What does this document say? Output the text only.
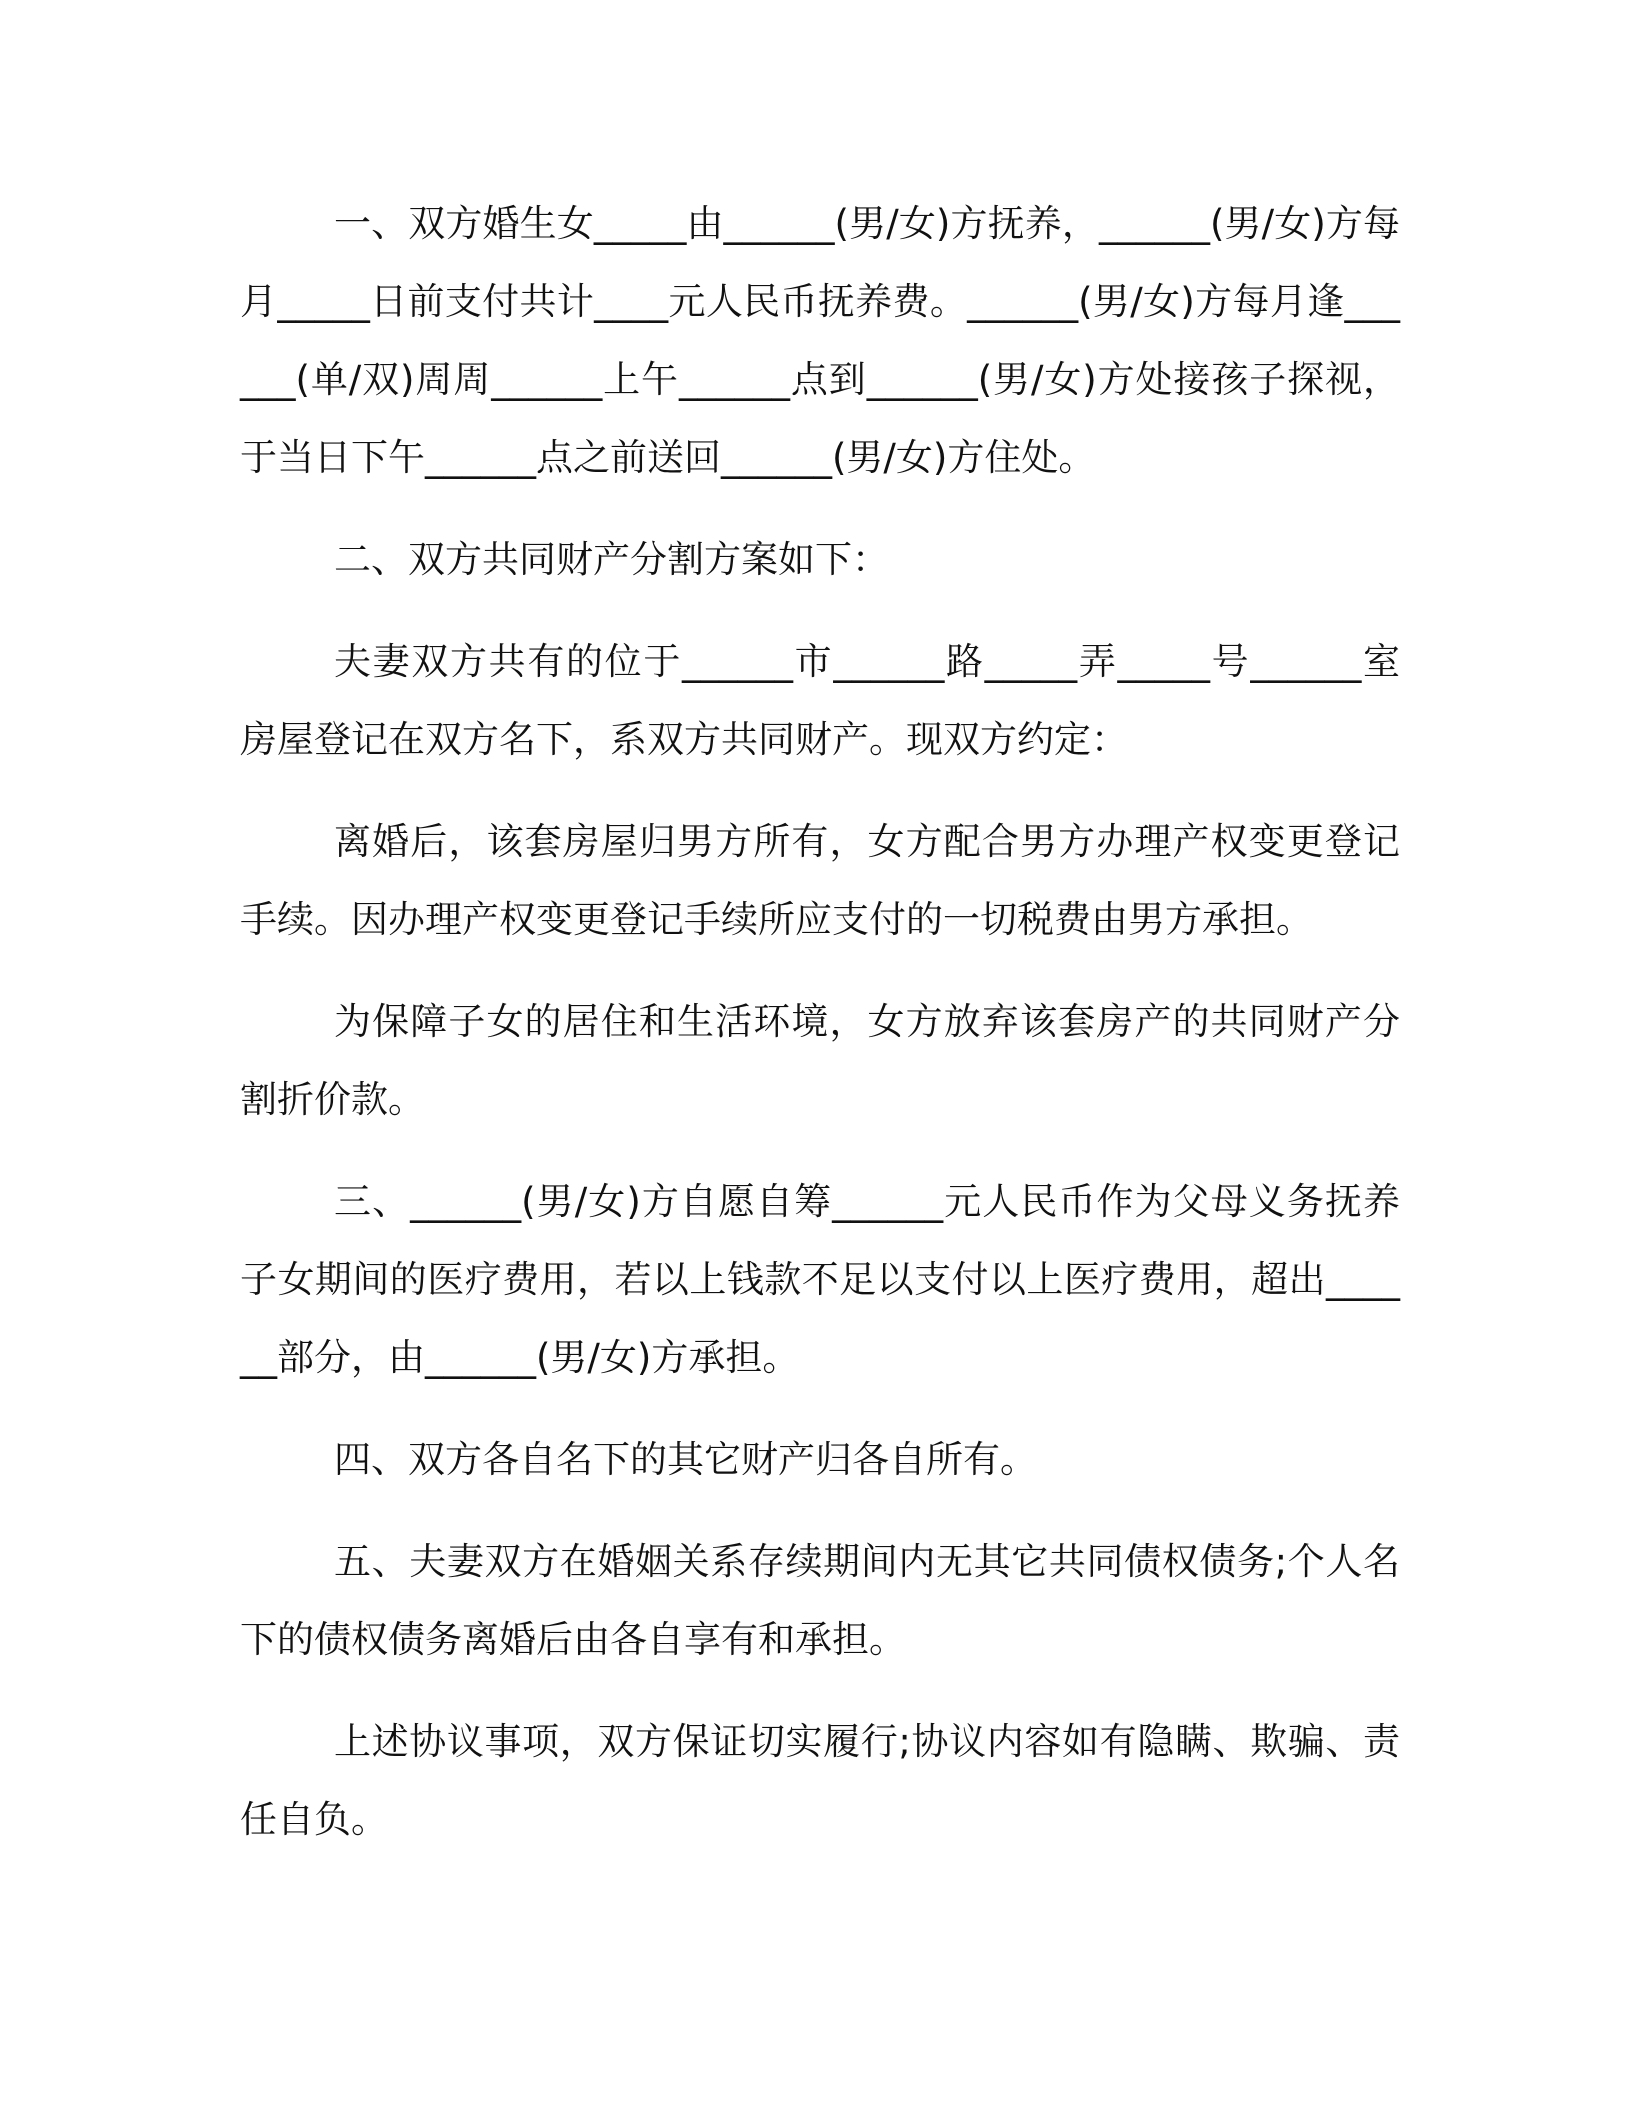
一、双方婚生女_____由______(男/女)方抚养，______(男/女)方每月_____日前支付共计____元人民币抚养费。______(男/女)方每月逢______(单/双)周周______上午______点到______(男/女)方处接孩子探视，于当日下午______点之前送回______(男/女)方住处。

二、双方共同财产分割方案如下：

夫妻双方共有的位于______市______路_____弄_____号______室房屋登记在双方名下，系双方共同财产。现双方约定：

离婚后，该套房屋归男方所有，女方配合男方办理产权变更登记手续。因办理产权变更登记手续所应支付的一切税费由男方承担。

为保障子女的居住和生活环境，女方放弃该套房产的共同财产分割折价款。

三、______(男/女)方自愿自筹______元人民币作为父母义务抚养子女期间的医疗费用，若以上钱款不足以支付以上医疗费用，超出______部分，由______(男/女)方承担。

四、双方各自名下的其它财产归各自所有。

五、夫妻双方在婚姻关系存续期间内无其它共同债权债务;个人名下的债权债务离婚后由各自享有和承担。

上述协议事项，双方保证切实履行;协议内容如有隐瞒、欺骗、责任自负。
